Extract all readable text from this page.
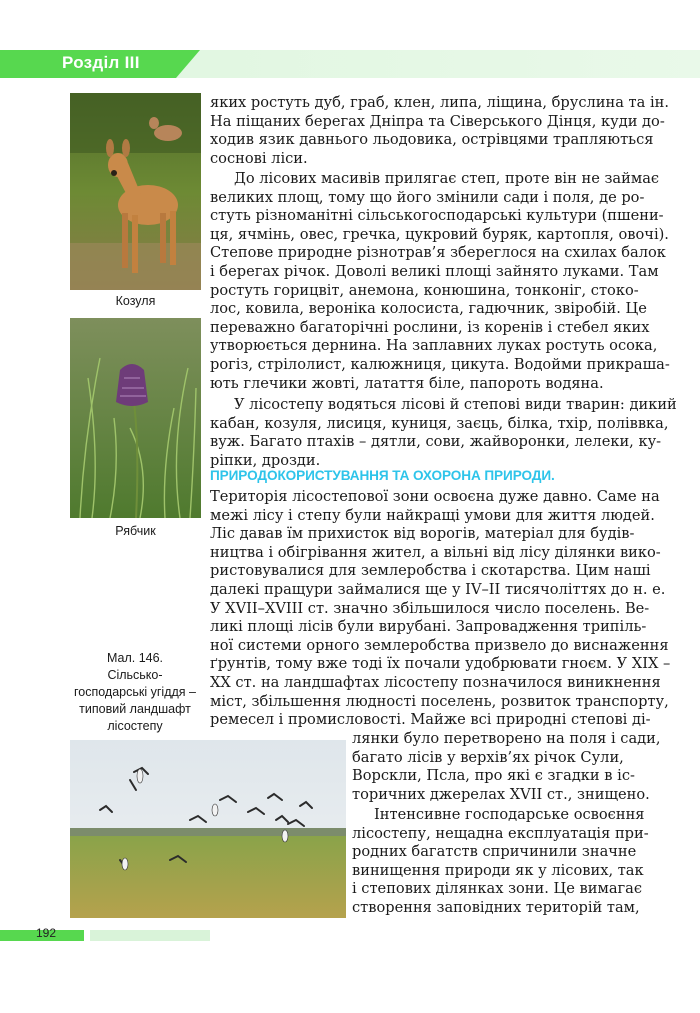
Розділ III
Козуля
Рябчик
Мал. 146.
Сільсько-
господарські угіддя –
типовий ландшафт
лісостепу
яких ростуть дуб, граб, клен, липа, ліщина, бруслина та ін.
На піщаних берегах Дніпра та Сіверського Дінця, куди до-
ходив язик давнього льодовика, острівцями трапляються
соснові ліси.
До лісових масивів прилягає степ, проте він не займає
великих площ, тому що його змінили сади і поля, де ро-
стуть різноманітні сільськогосподарські культури (пшени-
ця, ячмінь, овес, гречка, цукровий буряк, картопля, овочі).
Степове природне різнотрав’я збереглося на схилах балок
і берегах річок. Доволі великі площі зайнято луками. Там
ростуть горицвіт, анемона, конюшина, тонконіг, стоко-
лос, ковила, вероніка колосиста, гадючник, звіробій. Це
переважно багаторічні рослини, із коренів і стебел яких
утворюється дернина. На заплавних луках ростуть осока,
рогіз, стрілолист, калюжниця, цикута. Водойми прикраша-
ють глечики жовті, латаття біле, папороть водяна.
У лісостепу водяться лісові й степові види тварин: дикий
кабан, козуля, лисиця, куниця, заєць, білка, тхір, поліввка,
вуж. Багато птахів – дятли, сови, жайворонки, лелеки, ку-
ріпки, дрозди.
ПРИРОДОКОРИСТУВАННЯ ТА ОХОРОНА ПРИРОДИ.
Територія лісостепової зони освоєна дуже давно. Саме на
межі лісу і степу були найкращі умови для життя людей.
Ліс давав їм прихисток від ворогів, матеріал для будів-
ництва і обігрівання жител, а вільні від лісу ділянки вико-
ристовувалися для землеробства і скотарства. Цим наші
далекі пращури займалися ще у IV–II тисячоліттях до н. е.
У XVII–XVIII ст. значно збільшилося число поселень. Ве-
ликі площі лісів були вирубані. Запровадження трипіль-
ної системи орного землеробства призвело до виснаження
ґрунтів, тому вже тоді їх почали удобрювати гноєм. У XIX –
XX ст. на ландшафтах лісостепу позначилося виникнення
міст, збільшення людності поселень, розвиток транспорту,
ремесел і промисловості. Майже всі природні степові ді-
лянки було перетворено на поля і сади,
багато лісів у верхів’ях річок Сули,
Ворскли, Псла, про які є згадки в іс-
торичних джерелах XVII ст., знищено.
Інтенсивне господарське освоєння
лісостепу, нещадна експлуатація при-
родних багатств спричинили значне
винищення природи як у лісових, так
і степових ділянках зони. Це вимагає
створення заповідних територій там,
192
